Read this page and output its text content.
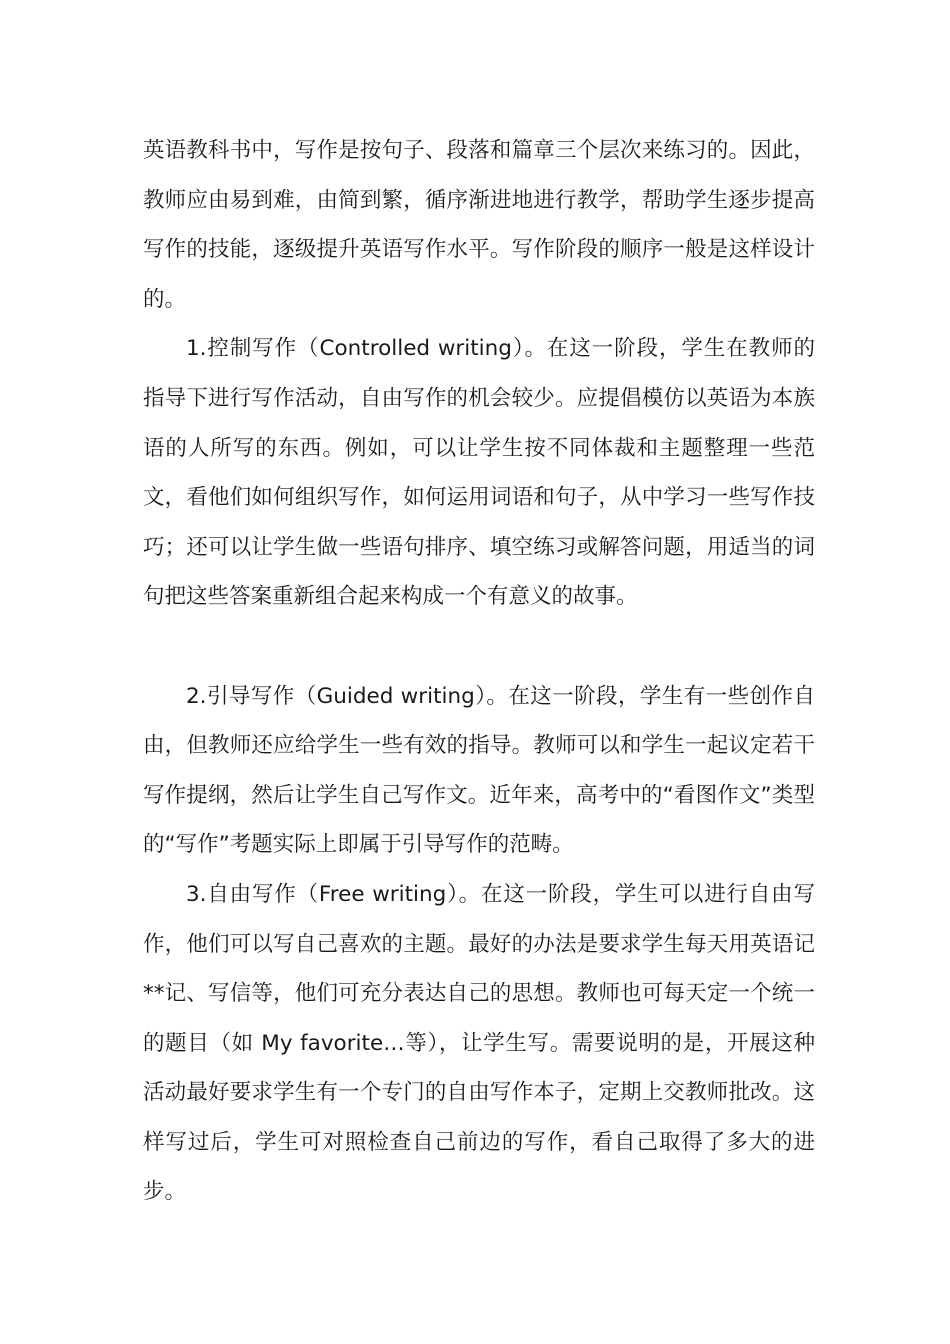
英语教科书中，写作是按句子、段落和篇章三个层次来练习的。因此，教师应由易到难，由简到繁，循序渐进地进行教学，帮助学生逐步提高写作的技能，逐级提升英语写作水平。写作阶段的顺序一般是这样设计的。

1.控制写作（Controlled writing）。在这一阶段，学生在教师的指导下进行写作活动，自由写作的机会较少。应提倡模仿以英语为本族语的人所写的东西。例如，可以让学生按不同体裁和主题整理一些范文，看他们如何组织写作，如何运用词语和句子，从中学习一些写作技巧；还可以让学生做一些语句排序、填空练习或解答问题，用适当的词句把这些答案重新组合起来构成一个有意义的故事。

2.引导写作（Guided writing）。在这一阶段，学生有一些创作自由，但教师还应给学生一些有效的指导。教师可以和学生一起议定若干写作提纲，然后让学生自己写作文。近年来，高考中的“看图作文”类型的“写作”考题实际上即属于引导写作的范畴。

3.自由写作（Free writing）。在这一阶段，学生可以进行自由写作，他们可以写自己喜欢的主题。最好的办法是要求学生每天用英语记**记、写信等，他们可充分表达自己的思想。教师也可每天定一个统一的题目（如 My favorite…等），让学生写。需要说明的是，开展这种活动最好要求学生有一个专门的自由写作本子，定期上交教师批改。这样写过后，学生可对照检查自己前边的写作，看自己取得了多大的进步。
